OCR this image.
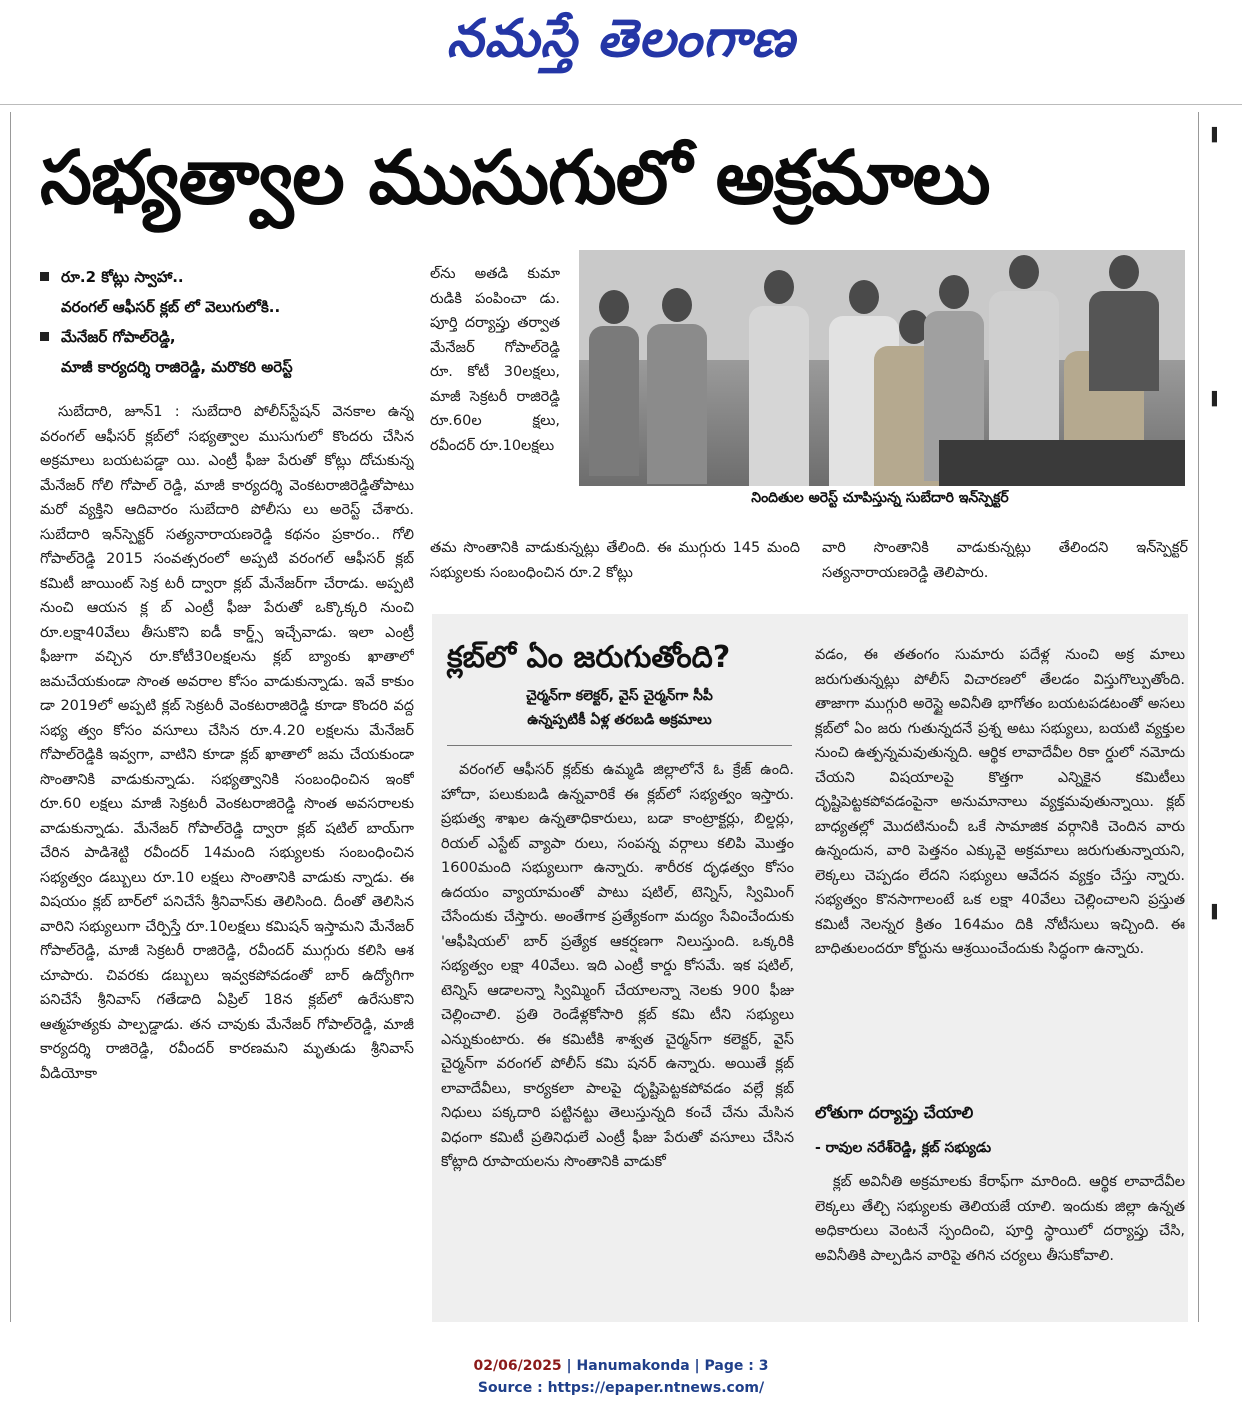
నమస్తే తెలంగాణ
▌
▌
▌
సభ్యత్వాల ముసుగులో అక్రమాలు
రూ.2 కోట్లు స్వాహా..
వరంగల్ ఆఫీసర్ క్లబ్ లో వెలుగులోకి..
మేనేజర్ గోపాల్‌రెడ్డి,
మాజీ కార్యదర్శి రాజిరెడ్డి, మరొకరి అరెస్ట్

సుబేదారి, జూన్1 : సుబేదారి పోలీస్‌స్టేషన్ వెనకాల ఉన్న వరంగల్ ఆఫీసర్ క్లబ్‌లో సభ్యత్వాల ముసుగులో కొందరు చేసిన అక్రమాలు బయటపడ్డా యి. ఎంట్రీ ఫీజు పేరుతో కోట్లు దోచుకున్న మేనేజర్ గోలి గోపాల్ రెడ్డి, మాజీ కార్యదర్శి వెంకటరాజిరెడ్డితోపాటు మరో వ్యక్తిని ఆదివారం సుబేదారి పోలీసు లు అరెస్ట్ చేశారు. సుబేదారి ఇన్‌స్పెక్టర్ సత్యనారాయణరెడ్డి కథనం ప్రకారం.. గోలి గోపాల్‌రెడ్డి 2015 సంవత్సరంలో అప్పటి వరంగల్ ఆఫీసర్ క్లబ్ కమిటీ జాయింట్ సెక్ర టరీ ద్వారా క్లబ్ మేనేజర్‌గా చేరాడు. అప్పటి నుంచి ఆయన క్ల బ్ ఎంట్రీ ఫీజు పేరుతో ఒక్కొక్కరి నుంచి రూ.లక్షా40వేలు తీసుకొని ఐడీ కార్డ్స్ ఇచ్చేవాడు. ఇలా ఎంట్రీ ఫీజుగా వచ్చిన రూ.కోటీ30లక్షలను క్లబ్ బ్యాంకు ఖాతాలో జమచేయకుండా సొంత అవరాల కోసం వాడుకున్నాడు. ఇవే కాకుం డా 2019లో అప్పటి క్లబ్ సెక్రటరీ వెంకటరాజిరెడ్డి కూడా కొందరి వద్ద సభ్య త్వం కోసం వసూలు చేసిన రూ.4.20 లక్షలను మేనేజర్ గోపాల్‌రెడ్డికి ఇవ్వగా, వాటిని కూడా క్లబ్ ఖాతాలో జమ చేయకుండా సొంతానికి వాడుకున్నాడు. సభ్యత్వానికి సంబంధించిన ఇంకో రూ.60 లక్షలు మాజీ సెక్రటరీ వెంకటరాజిరెడ్డి సొంత అవసరాలకు వాడుకున్నాడు. మేనేజర్ గోపాల్‌రెడ్డి ద్వారా క్లబ్ షటిల్ బాయ్‌గా చేరిన పాడిశెట్టి రవీందర్ 14మంది సభ్యులకు సంబంధించిన సభ్యత్వం డబ్బులు రూ.10 లక్షలు సొంతానికి వాడుకు న్నాడు. ఈ విషయం క్లబ్ బార్‌లో పనిచేసే శ్రీనివాస్‌కు తెలిసింది. దీంతో తెలిసిన వారిని సభ్యులుగా చేర్పిస్తే రూ.10లక్షలు కమిషన్ ఇస్తామని మేనేజర్ గోపాల్‌రెడ్డి, మాజీ సెక్రటరీ రాజిరెడ్డి, రవీందర్ ముగ్గురు కలిసి ఆశ చూపారు. చివరకు డబ్బులు ఇవ్వకపోవడంతో బార్ ఉద్యోగిగా పనిచేసే శ్రీనివాస్ గతేడాది ఏప్రిల్ 18న క్లబ్‌లో ఉరేసుకొని ఆత్మహత్యకు పాల్పడ్డాడు. తన చావుకు మేనేజర్ గోపాల్‌రెడ్డి, మాజీ కార్యదర్శి రాజిరెడ్డి, రవీందర్ కారణమని మృతుడు శ్రీనివాస్ వీడియోకా

ల్‌ను అతడి కుమా రుడికి పంపించా డు. పూర్తి దర్యాప్తు తర్వాత మేనేజర్ గోపాల్‌రెడ్డి రూ. కోటీ 30లక్షలు, మాజీ సెక్రటరీ రాజిరెడ్డి రూ.60ల క్షలు, రవీందర్ రూ.10లక్షలు

నిందితుల అరెస్ట్ చూపిస్తున్న సుబేదారి ఇన్‌స్పెక్టర్

తమ సొంతానికి వాడుకున్నట్లు తేలింది. ఈ ముగ్గురు 145 మంది సభ్యులకు సంబంధించిన రూ.2 కోట్లు

వారి సొంతానికి వాడుకున్నట్లు తేలిందని ఇన్‌స్పెక్టర్ సత్యనారాయణరెడ్డి తెలిపారు.

క్లబ్‌లో ఏం జరుగుతోంది?
చైర్మన్‌గా కలెక్టర్, వైస్ చైర్మన్‌గా సీపీ
ఉన్నప్పటికీ ఏళ్ల తరబడి అక్రమాలు

వరంగల్ ఆఫీసర్ క్లబ్‌కు ఉమ్మడి జిల్లాలోనే ఓ క్రేజ్ ఉంది. హోదా, పలుకుబడి ఉన్నవారికే ఈ క్లబ్‌లో సభ్యత్వం ఇస్తారు. ప్రభుత్వ శాఖల ఉన్నతాధికారులు, బడా కాంట్రాక్టర్లు, బిల్డర్లు, రియల్ ఎస్టేట్ వ్యాపా రులు, సంపన్న వర్గాలు కలిపి మొత్తం 1600మంది సభ్యులుగా ఉన్నారు. శారీరక దృఢత్వం కోసం ఉదయం వ్యాయామంతో పాటు షటిల్, టెన్నిస్, స్విమింగ్ చేసేందుకు చేస్తారు. అంతేగాక ప్రత్యేకంగా మద్యం సేవించేందుకు 'ఆఫీషియల్' బార్ ప్రత్యేక ఆకర్షణగా నిలుస్తుంది. ఒక్కరికి సభ్యత్వం లక్షా 40వేలు. ఇది ఎంట్రీ కార్డు కోసమే. ఇక షటిల్, టెన్నిస్ ఆడాలన్నా స్విమ్మింగ్ చేయాలన్నా నెలకు 900 ఫీజు చెల్లించాలి. ప్రతి రెండేళ్లకోసారి క్లబ్ కమి టీని సభ్యులు ఎన్నుకుంటారు. ఈ కమిటీకి శాశ్వత చైర్మన్‌గా కలెక్టర్, వైస్ చైర్మన్‌గా వరంగల్ పోలీస్ కమి షనర్ ఉన్నారు. అయితే క్లబ్ లావాదేవీలు, కార్యకలా పాలపై దృష్టిపెట్టకపోవడం వల్లే క్లబ్ నిధులు పక్కదారి పట్టినట్టు తెలుస్తున్నది కంచే చేను మేసిన విధంగా కమిటీ ప్రతినిధులే ఎంట్రీ ఫీజు పేరుతో వసూలు చేసిన కోట్లాది రూపాయలను సొంతానికి వాడుకో

వడం, ఈ తతంగం సుమారు పదేళ్ల నుంచి అక్ర మాలు జరుగుతున్నట్లు పోలీస్ విచారణలో తేలడం విస్తుగొల్పుతోంది. తాజాగా ముగ్గురి అరెస్టై అవినీతి భాగోతం బయటపడటంతో అసలు క్లబ్‌లో ఏం జరు గుతున్నదనే ప్రశ్న అటు సభ్యులు, బయటి వ్యక్తుల నుంచి ఉత్పన్నమవుతున్నది. ఆర్థిక లావాదేవీల రికా ర్డులో నమోదు చేయని విషయాలపై కొత్తగా ఎన్నికైన కమిటీలు దృష్టిపెట్టకపోవడంపైనా అనుమానాలు వ్యక్తమవుతున్నాయి. క్లబ్ బాధ్యతల్లో మొదటినుంచీ ఒకే సామాజిక వర్గానికి చెందిన వారు ఉన్నందున, వారి పెత్తనం ఎక్కువై అక్రమాలు జరుగుతున్నాయని, లెక్కలు చెప్పడం లేదని సభ్యులు ఆవేదన వ్యక్తం చేస్తు న్నారు. సభ్యత్వం కొనసాగాలంటే ఒక లక్షా 40వేలు చెల్లించాలని ప్రస్తుత కమిటీ నెలన్నర క్రితం 164మం దికి నోటీసులు ఇచ్చింది. ఈ బాధితులందరూ కోర్టును ఆశ్రయించేందుకు సిద్ధంగా ఉన్నారు.

లోతుగా దర్యాప్తు చేయాలి
- రావుల నరేశ్‌రెడ్డి, క్లబ్ సభ్యుడు

క్లబ్ అవినీతి అక్రమాలకు కేరాఫ్‌గా మారింది. ఆర్థిక లావాదేవీల లెక్కలు తేల్చి సభ్యులకు తెలియజే యాలి. ఇందుకు జిల్లా ఉన్నత అధికారులు వెంటనే స్పందించి, పూర్తి స్థాయిలో దర్యాప్తు చేసి, అవినీతికి పాల్పడిన వారిపై తగిన చర్యలు తీసుకోవాలి.

02/06/2025 | Hanumakonda | Page : 3
Source : https://epaper.ntnews.com/
